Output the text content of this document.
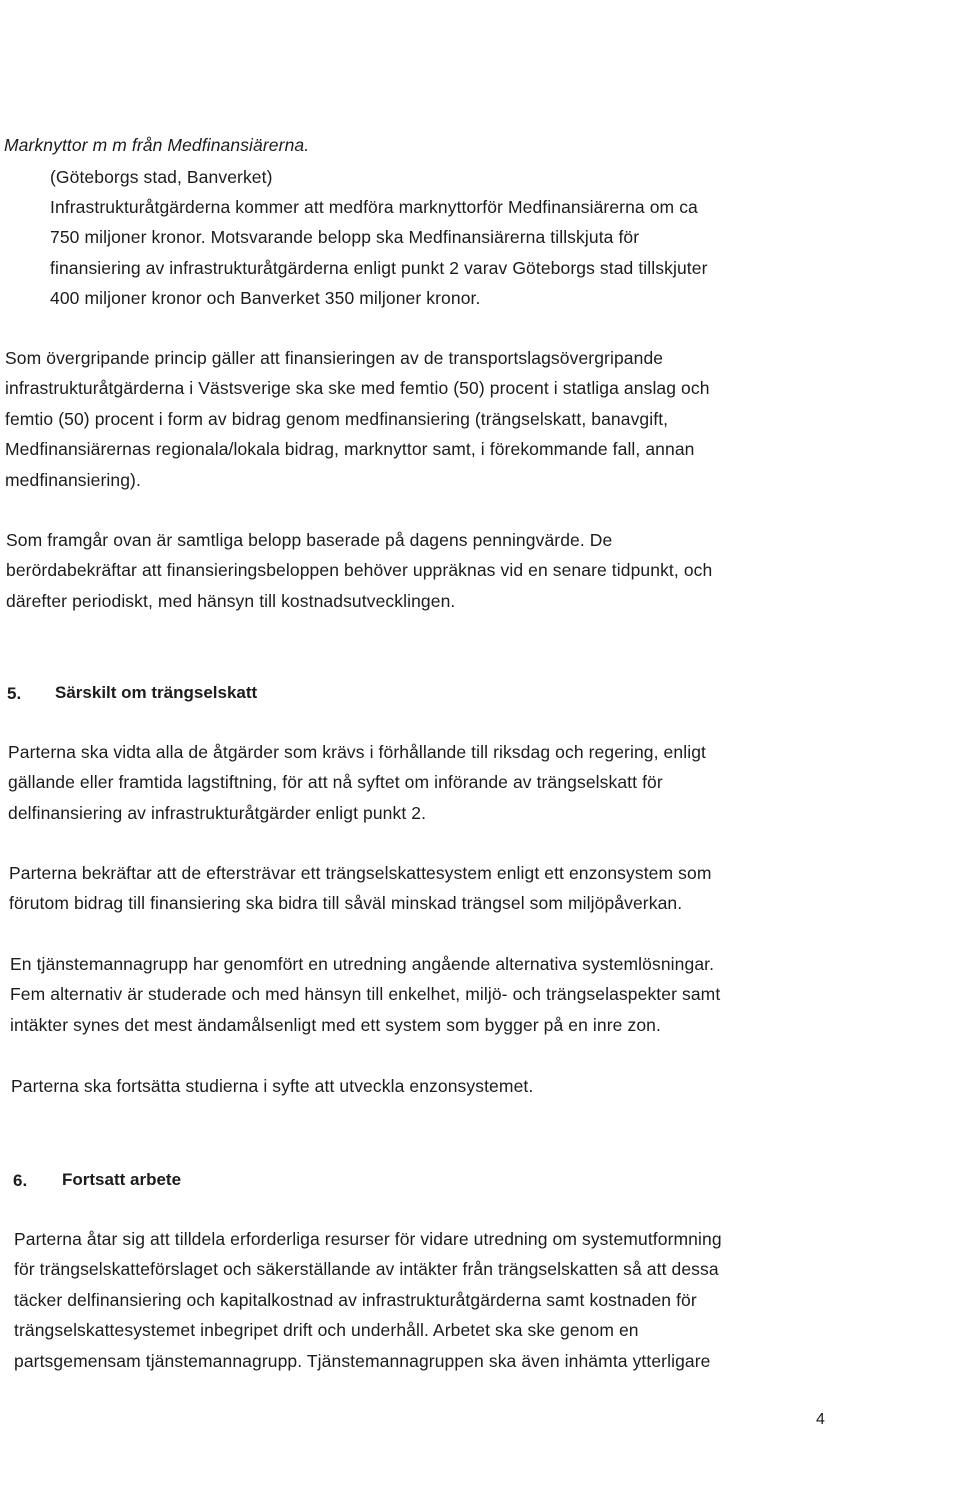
Marknyttor m m från Medfinansiärerna.
(Göteborgs stad, Banverket)
Infrastrukturåtgärderna kommer att medföra marknyttorför Medfinansiärerna om ca
750 miljoner kronor. Motsvarande belopp ska Medfinansiärerna tillskjuta för
finansiering av infrastrukturåtgärderna enligt punkt 2 varav Göteborgs stad tillskjuter
400 miljoner kronor och Banverket 350 miljoner kronor.
Som övergripande princip gäller att finansieringen av de transportslagsövergripande
infrastrukturåtgärderna i Västsverige ska ske med femtio (50) procent i statliga anslag och
femtio (50) procent i form av bidrag genom medfinansiering (trängselskatt, banavgift,
Medfinansiärernas regionala/lokala bidrag, marknyttor samt, i förekommande fall, annan
medfinansiering).
Som framgår ovan är samtliga belopp baserade på dagens penningvärde. De
berördabekräftar att finansieringsbeloppen behöver uppräknas vid en senare tidpunkt, och
därefter periodiskt, med hänsyn till kostnadsutvecklingen.
5. Särskilt om trängselskatt
Parterna ska vidta alla de åtgärder som krävs i förhållande till riksdag och regering, enligt
gällande eller framtida lagstiftning, för att nå syftet om införande av trängselskatt för
delfinansiering av infrastrukturåtgärder enligt punkt 2.
Parterna bekräftar att de eftersträvar ett trängselskattesystem enligt ett enzonsystem som
förutom bidrag till finansiering ska bidra till såväl minskad trängsel som miljöpåverkan.
En tjänstemannagrupp har genomfört en utredning angående alternativa systemlösningar.
Fem alternativ är studerade och med hänsyn till enkelhet, miljö- och trängselaspekter samt
intäkter synes det mest ändamålsenligt med ett system som bygger på en inre zon.
Parterna ska fortsätta studierna i syfte att utveckla enzonsystemet.
6. Fortsatt arbete
Parterna åtar sig att tilldela erforderliga resurser för vidare utredning om systemutformning
för trängselskatteförslaget och säkerställande av intäkter från trängselskatten så att dessa
täcker delfinansiering och kapitalkostnad av infrastrukturåtgärderna samt kostnaden för
trängselskattesystemet inbegripet drift och underhåll. Arbetet ska ske genom en
partsgemensam tjänstemannagrupp. Tjänstemannagruppen ska även inhämta ytterligare
4
